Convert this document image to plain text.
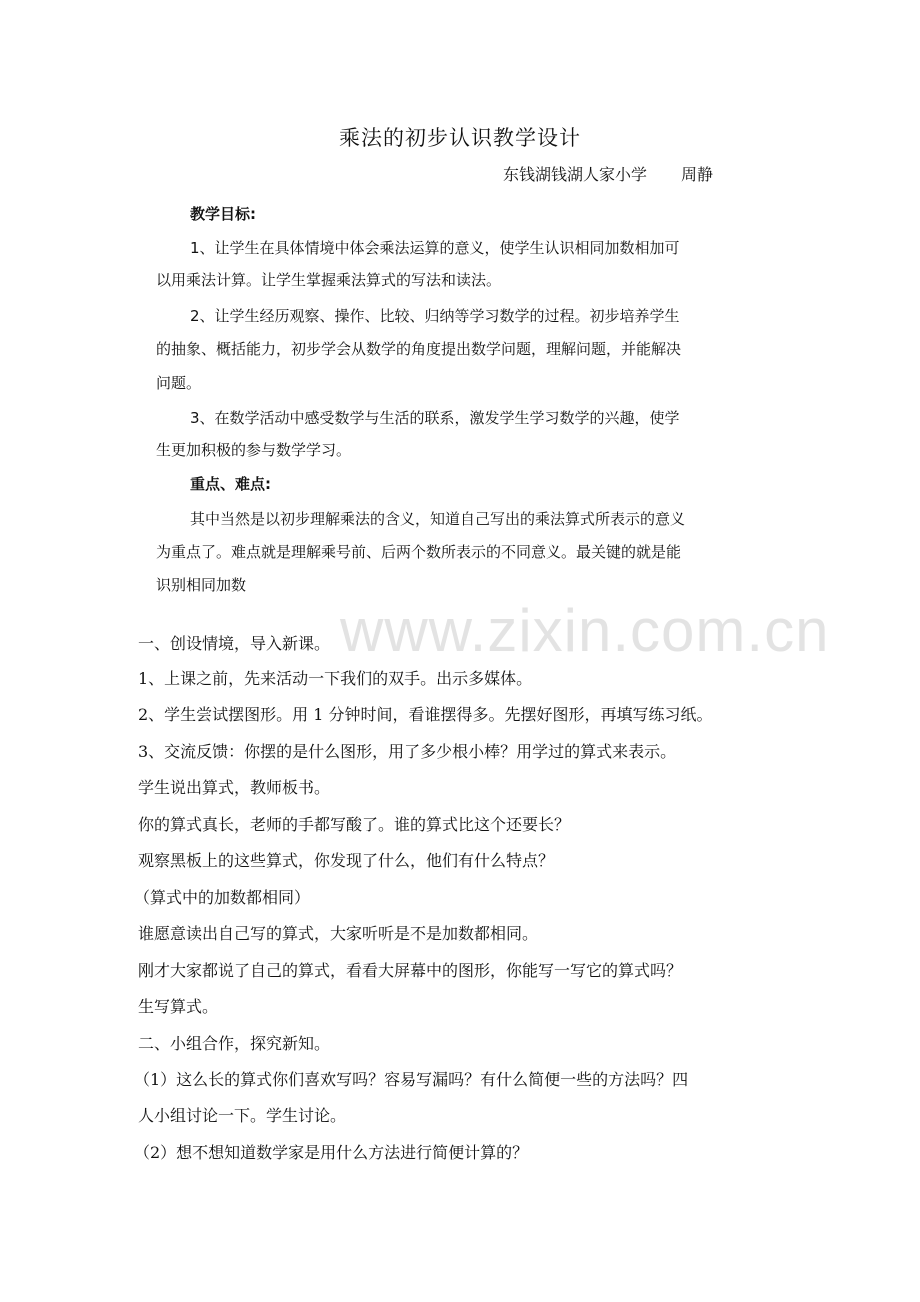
www.zixin.com.cn
乘法的初步认识教学设计
东钱湖钱湖人家小学 周静
教学目标:
1、让学生在具体情境中体会乘法运算的意义，使学生认识相同加数相加可
以用乘法计算。让学生掌握乘法算式的写法和读法。
2、让学生经历观察、操作、比较、归纳等学习数学的过程。初步培养学生
的抽象、概括能力，初步学会从数学的角度提出数学问题，理解问题，并能解决
问题。
3、在数学活动中感受数学与生活的联系，激发学生学习数学的兴趣，使学
生更加积极的参与数学学习。
重点、难点:
其中当然是以初步理解乘法的含义，知道自己写出的乘法算式所表示的意义
为重点了。难点就是理解乘号前、后两个数所表示的不同意义。最关键的就是能
识别相同加数
一、创设情境，导入新课。
1、上课之前，先来活动一下我们的双手。出示多媒体。
2、学生尝试摆图形。用 1 分钟时间，看谁摆得多。先摆好图形，再填写练习纸。
3、交流反馈：你摆的是什么图形，用了多少根小棒？用学过的算式来表示。
学生说出算式，教师板书。
你的算式真长，老师的手都写酸了。谁的算式比这个还要长？
观察黑板上的这些算式，你发现了什么，他们有什么特点？
（算式中的加数都相同）
谁愿意读出自己写的算式，大家听听是不是加数都相同。
刚才大家都说了自己的算式，看看大屏幕中的图形，你能写一写它的算式吗？
生写算式。
二、小组合作，探究新知。
（1）这么长的算式你们喜欢写吗？容易写漏吗？有什么简便一些的方法吗？四
人小组讨论一下。学生讨论。
（2）想不想知道数学家是用什么方法进行简便计算的？
